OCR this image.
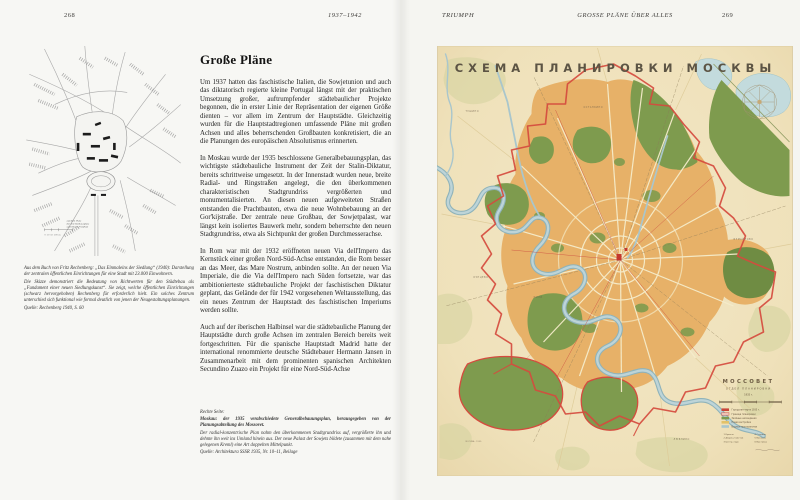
268	1937–1942	TRIUMPH	GROSSE PLÄNE ÜBER ALLES	269
auf dem Platz
der mit Rathausplatz
und Markt Friedhof
0 10 50 100 m

Aus dem Buch von Fritz Rechenberg: „Das Einmaleins der Siedlung“ (1940): Darstellung der zentralen öffentlichen Einrichtungen für eine Stadt mit 23.000 Einwohnern.

Die Skizze demonstriert die Bedeutung von Richtwerten für den Städtebau als „Fundament einer neuen Siedlungskunst“. Sie zeigt, welche öffentlichen Einrichtungen (schwarz hervorgehoben) Rechenberg für erforderlich hielt. Ein solches Zentrum unterschied sich funktional wie formal deutlich von jenen der Neugestaltungsplanungen.

Quelle: Rechenberg 1940, S. 60

Große Pläne

Um 1937 hatten das faschistische Italien, die Sowjetunion und auch das diktatorisch regierte kleine Portugal längst mit der praktischen Umsetzung großer, auftrumpfender städtebaulicher Projekte begonnen, die in erster Linie der Repräsentation der eigenen Größe dienten – vor allem im Zentrum der Hauptstädte. Gleichzeitig wurden für die Hauptstadtregionen umfassende Pläne mit großen Achsen und alles beherrschenden Großbauten konkretisiert, die an die Planungen des europäischen Absolutismus erinnerten.

In Moskau wurde der 1935 beschlossene Generalbebauungsplan, das wichtigste städtebauliche Instrument der Zeit der Stalin-Diktatur, bereits schrittweise umgesetzt. In der Innenstadt wurden neue, breite Radial- und Ringstraßen angelegt, die den überkommenen charakteristischen Stadtgrundriss vergrößerten und monumentalisierten. An diesen neuen aufgeweiteten Straßen entstanden die Prachtbauten, etwa die neue Wohnbebauung an der Gor'kijstraße. Der zentrale neue Großbau, der Sowjetpalast, war längst kein isoliertes Bauwerk mehr, sondern beherrschte den neuen Stadtgrundriss, etwa als Sichtpunkt der großen Durchmesserachse.

In Rom war mit der 1932 eröffneten neuen Via dell'Impero das Kernstück einer großen Nord-Süd-Achse entstanden, die Rom besser an das Meer, das Mare Nostrum, anbinden sollte. An der neuen Via Imperiale, die die Via dell'Impero nach Süden fortsetzte, war das ambitionierteste städtebauliche Projekt der faschistischen Diktatur geplant, das Gelände der für 1942 vorgesehenen Weltausstellung, das ein neues Zentrum der Hauptstadt des faschistischen Imperiums werden sollte.

Auch auf der iberischen Halbinsel war die städtebauliche Planung der Hauptstädte durch große Achsen im zentralen Bereich bereits weit fortgeschritten. Für die spanische Hauptstadt Madrid hatte der international renommierte deutsche Städtebauer Hermann Jansen in Zusammenarbeit mit dem prominenten spanischen Architekten Secundino Zuazo ein Projekt für eine Nord-Süd-Achse

Rechte Seite:

Moskau: der 1935 verabschiedete Generalbebauungsplan, herausgegeben von der Planungsabteilung des Mossovet.

Der radial-konzentrische Plan nahm den überkommenen Stadtgrundriss auf, vergrößerte ihn und dehnte ihn weit ins Umland hinein aus. Der neue Palast der Sowjets bildete (zusammen mit dem nahe gelegenen Kreml) eine Art doppelten Mittelpunkt.

Quelle: Architektura SSSR 1935, Nr. 10–11, Beilage

СХЕМА ПЛАНИРОВКИ МОСКВЫ
ТУШИНО
ОСТАНКИНО
ИЗМАЙЛОВО
КУНЦЕВО
ЛЮБЛИНО
ФИЛИ
МОССОВЕТ
ОТДЕЛ ПЛАНИРОВКИ
1935 г.
Городская черта 1935 г.
Граница планировки
Зелёные насаждения
Новая застройка
Водные пространства
1 Кремль
2 Дворец Советов
3 Центр. парк
4 Стадион
5 Вокзалы
6 Выставка
МОСКВА · 1935
